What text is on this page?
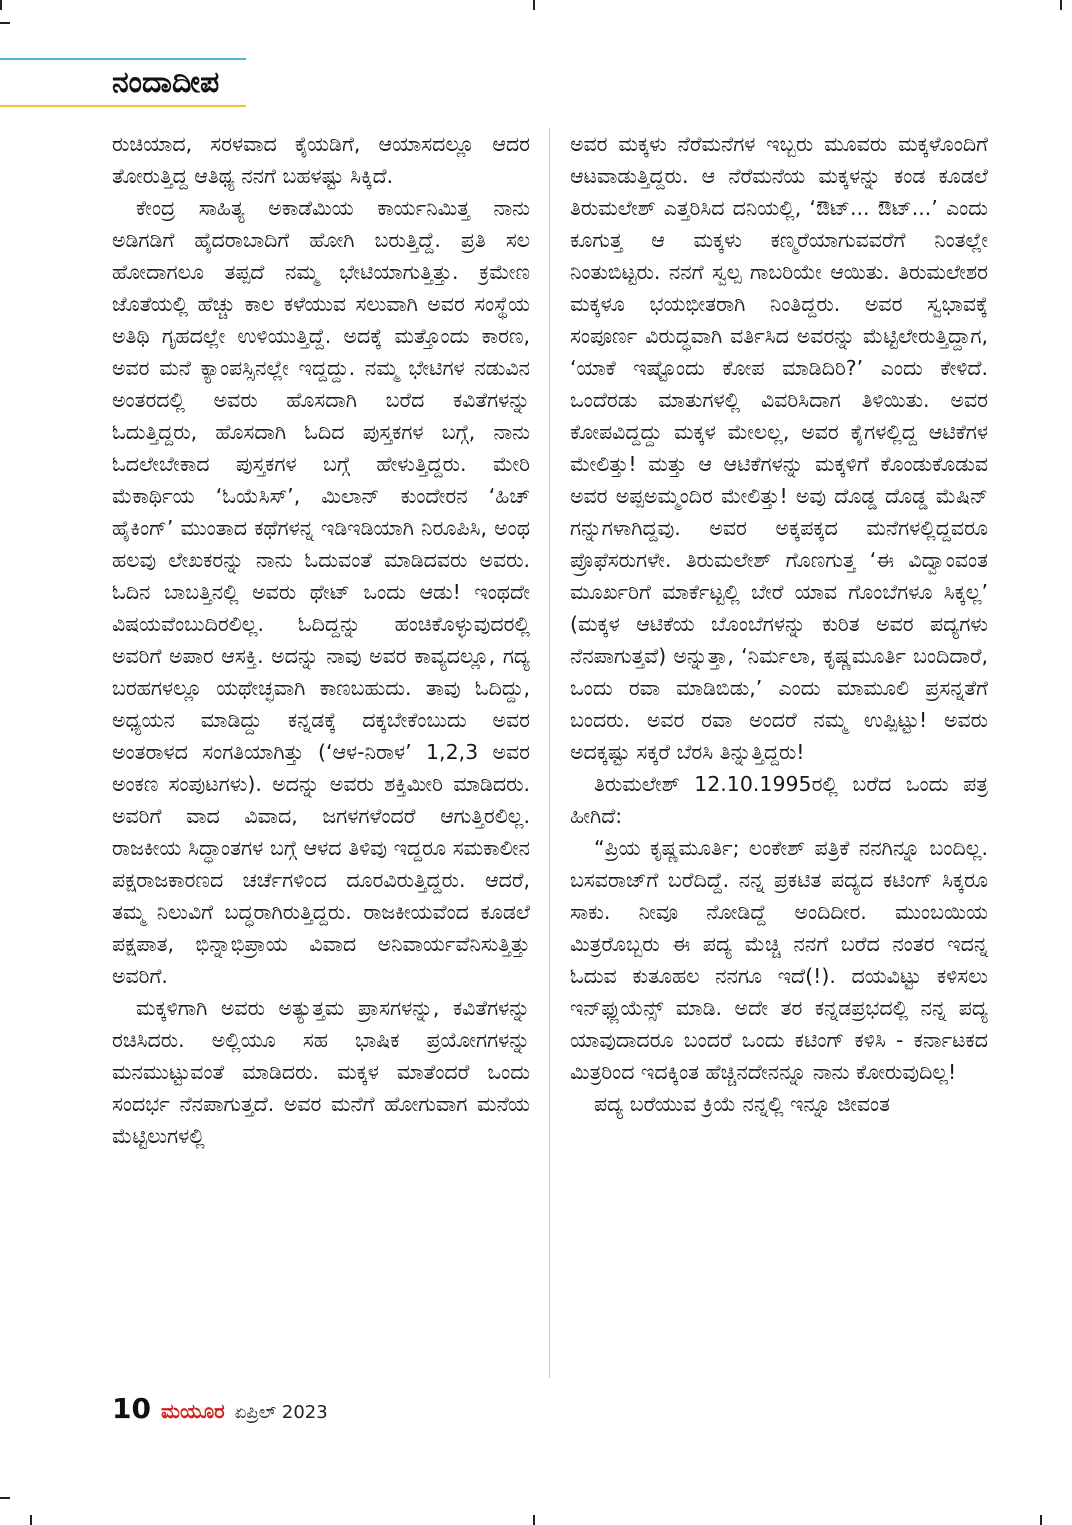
ನಂದಾದೀಪ

ರುಚಿಯಾದ, ಸರಳವಾದ ಕೈಯಡಿಗೆ, ಆಯಾಸದಲ್ಲೂ ಆದರ ತೋರುತ್ತಿದ್ದ ಆತಿಥ್ಯ ನನಗೆ ಬಹಳಷ್ಟು ಸಿಕ್ಕಿದೆ.

ಕೇಂದ್ರ ಸಾಹಿತ್ಯ ಅಕಾಡೆಮಿಯ ಕಾರ್ಯನಿಮಿತ್ತ ನಾನು ಅಡಿಗಡಿಗೆ ಹೈದರಾಬಾದಿಗೆ ಹೋಗಿ ಬರುತ್ತಿದ್ದೆ. ಪ್ರತಿ ಸಲ ಹೋದಾಗಲೂ ತಪ್ಪದೆ ನಮ್ಮ ಭೇಟಿಯಾಗುತ್ತಿತ್ತು. ಕ್ರಮೇಣ ಜೊತೆಯಲ್ಲಿ ಹೆಚ್ಚು ಕಾಲ ಕಳೆಯುವ ಸಲುವಾಗಿ ಅವರ ಸಂಸ್ಥೆಯ ಅತಿಥಿ ಗೃಹದಲ್ಲೇ ಉಳಿಯುತ್ತಿದ್ದೆ. ಅದಕ್ಕೆ ಮತ್ತೊಂದು ಕಾರಣ, ಅವರ ಮನೆ ಕ್ಯಾಂಪಸ್ಸಿನಲ್ಲೇ ಇದ್ದದ್ದು. ನಮ್ಮ ಭೇಟಿಗಳ ನಡುವಿನ ಅಂತರದಲ್ಲಿ ಅವರು ಹೊಸದಾಗಿ ಬರೆದ ಕವಿತೆಗಳನ್ನು ಓದುತ್ತಿದ್ದರು, ಹೊಸದಾಗಿ ಓದಿದ ಪುಸ್ತಕಗಳ ಬಗ್ಗೆ, ನಾನು ಓದಲೇಬೇಕಾದ ಪುಸ್ತಕಗಳ ಬಗ್ಗೆ ಹೇಳುತ್ತಿದ್ದರು. ಮೇರಿ ಮೆಕಾರ್ಥಿಯ ‘ಓಯೆಸಿಸ್’, ಮಿಲಾನ್ ಕುಂದೇರನ ‘ಹಿಚ್ ಹೈಕಿಂಗ್’ ಮುಂತಾದ ಕಥೆಗಳನ್ನ ಇಡಿಇಡಿಯಾಗಿ ನಿರೂಪಿಸಿ, ಅಂಥ ಹಲವು ಲೇಖಕರನ್ನು ನಾನು ಓದುವಂತೆ ಮಾಡಿದವರು ಅವರು. ಓದಿನ ಬಾಬತ್ತಿನಲ್ಲಿ ಅವರು ಥೇಟ್ ಒಂದು ಆಡು! ಇಂಥದೇ ವಿಷಯವೆಂಬುದಿರಲಿಲ್ಲ. ಓದಿದ್ದನ್ನು ಹಂಚಿಕೊಳ್ಳುವುದರಲ್ಲಿ ಅವರಿಗೆ ಅಪಾರ ಆಸಕ್ತಿ. ಅದನ್ನು ನಾವು ಅವರ ಕಾವ್ಯದಲ್ಲೂ, ಗದ್ಯ ಬರಹಗಳಲ್ಲೂ ಯಥೇಚ್ಛವಾಗಿ ಕಾಣಬಹುದು. ತಾವು ಓದಿದ್ದು, ಅಧ್ಯಯನ ಮಾಡಿದ್ದು ಕನ್ನಡಕ್ಕೆ ದಕ್ಕಬೇಕೆಂಬುದು ಅವರ ಅಂತರಾಳದ ಸಂಗತಿಯಾಗಿತ್ತು (‘ಆಳ-ನಿರಾಳ’ 1,2,3 ಅವರ ಅಂಕಣ ಸಂಪುಟಗಳು). ಅದನ್ನು ಅವರು ಶಕ್ತಿಮೀರಿ ಮಾಡಿದರು. ಅವರಿಗೆ ವಾದ ವಿವಾದ, ಜಗಳಗಳೆಂದರೆ ಆಗುತ್ತಿರಲಿಲ್ಲ. ರಾಜಕೀಯ ಸಿದ್ಧಾಂತಗಳ ಬಗ್ಗೆ ಆಳದ ತಿಳಿವು ಇದ್ದರೂ ಸಮಕಾಲೀನ ಪಕ್ಷರಾಜಕಾರಣದ ಚರ್ಚೆಗಳಿಂದ ದೂರವಿರುತ್ತಿದ್ದರು. ಆದರೆ, ತಮ್ಮ ನಿಲುವಿಗೆ ಬದ್ಧರಾಗಿರುತ್ತಿದ್ದರು. ರಾಜಕೀಯವೆಂದ ಕೂಡಲೆ ಪಕ್ಷಪಾತ, ಭಿನ್ನಾಭಿಪ್ರಾಯ ವಿವಾದ ಅನಿವಾರ್ಯವೆನಿಸುತ್ತಿತ್ತು ಅವರಿಗೆ.

ಮಕ್ಕಳಿಗಾಗಿ ಅವರು ಅತ್ಯುತ್ತಮ ಪ್ರಾಸಗಳನ್ನು, ಕವಿತೆಗಳನ್ನು ರಚಿಸಿದರು. ಅಲ್ಲಿಯೂ ಸಹ ಭಾಷಿಕ ಪ್ರಯೋಗಗಳನ್ನು ಮನಮುಟ್ಟುವಂತೆ ಮಾಡಿದರು. ಮಕ್ಕಳ ಮಾತೆಂದರೆ ಒಂದು ಸಂದರ್ಭ ನೆನಪಾಗುತ್ತದೆ. ಅವರ ಮನೆಗೆ ಹೋಗುವಾಗ ಮನೆಯ ಮೆಟ್ಟಿಲುಗಳಲ್ಲಿ

ಅವರ ಮಕ್ಕಳು ನೆರೆಮನೆಗಳ ಇಬ್ಬರು ಮೂವರು ಮಕ್ಕಳೊಂದಿಗೆ ಆಟವಾಡುತ್ತಿದ್ದರು. ಆ ನೆರೆಮನೆಯ ಮಕ್ಕಳನ್ನು ಕಂಡ ಕೂಡಲೆ ತಿರುಮಲೇಶ್ ಎತ್ತರಿಸಿದ ದನಿಯಲ್ಲಿ, ‘ಔಟ್... ಔಟ್...’ ಎಂದು ಕೂಗುತ್ತ ಆ ಮಕ್ಕಳು ಕಣ್ಮರೆಯಾಗುವವರೆಗೆ ನಿಂತಲ್ಲೇ ನಿಂತುಬಿಟ್ಟರು. ನನಗೆ ಸ್ವಲ್ಪ ಗಾಬರಿಯೇ ಆಯಿತು. ತಿರುಮಲೇಶರ ಮಕ್ಕಳೂ ಭಯಭೀತರಾಗಿ ನಿಂತಿದ್ದರು. ಅವರ ಸ್ವಭಾವಕ್ಕೆ ಸಂಪೂರ್ಣ ವಿರುದ್ಧವಾಗಿ ವರ್ತಿಸಿದ ಅವರನ್ನು ಮೆಟ್ಟಿಲೇರುತ್ತಿದ್ದಾಗ, ‘ಯಾಕೆ ಇಷ್ಟೊಂದು ಕೋಪ ಮಾಡಿದಿರಿ?’ ಎಂದು ಕೇಳಿದೆ. ಒಂದೆರಡು ಮಾತುಗಳಲ್ಲಿ ವಿವರಿಸಿದಾಗ ತಿಳಿಯಿತು. ಅವರ ಕೋಪವಿದ್ದದ್ದು ಮಕ್ಕಳ ಮೇಲಲ್ಲ, ಅವರ ಕೈಗಳಲ್ಲಿದ್ದ ಆಟಿಕೆಗಳ ಮೇಲಿತ್ತು! ಮತ್ತು ಆ ಆಟಿಕೆಗಳನ್ನು ಮಕ್ಕಳಿಗೆ ಕೊಂಡುಕೊಡುವ ಅವರ ಅಪ್ಪಅಮ್ಮಂದಿರ ಮೇಲಿತ್ತು! ಅವು ದೊಡ್ಡ ದೊಡ್ಡ ಮೆಷಿನ್ ಗನ್ನುಗಳಾಗಿದ್ದವು. ಅವರ ಅಕ್ಕಪಕ್ಕದ ಮನೆಗಳಲ್ಲಿದ್ದವರೂ ಪ್ರೊಫೆಸರುಗಳೇ. ತಿರುಮಲೇಶ್ ಗೊಣಗುತ್ತ ‘ಈ ವಿದ್ವಾಂವಂತ ಮೂರ್ಖರಿಗೆ ಮಾರ್ಕೆಟ್ಟಲ್ಲಿ ಬೇರೆ ಯಾವ ಗೊಂಬೆಗಳೂ ಸಿಕ್ಕಲ್ಲ’ (ಮಕ್ಕಳ ಆಟಿಕೆಯ ಬೊಂಬೆಗಳನ್ನು ಕುರಿತ ಅವರ ಪದ್ಯಗಳು ನೆನಪಾಗುತ್ತವೆ) ಅನ್ನುತ್ತಾ, ‘ನಿರ್ಮಲಾ, ಕೃಷ್ಣಮೂರ್ತಿ ಬಂದಿದಾರೆ, ಒಂದು ರವಾ ಮಾಡಿಬಿಡು,’ ಎಂದು ಮಾಮೂಲಿ ಪ್ರಸನ್ನತೆಗೆ ಬಂದರು. ಅವರ ರವಾ ಅಂದರೆ ನಮ್ಮ ಉಪ್ಪಿಟ್ಟು! ಅವರು ಅದಕ್ಕಷ್ಟು ಸಕ್ಕರೆ ಬೆರಸಿ ತಿನ್ನುತ್ತಿದ್ದರು!

ತಿರುಮಲೇಶ್ 12.10.1995ರಲ್ಲಿ ಬರೆದ ಒಂದು ಪತ್ರ ಹೀಗಿದೆ:

“ಪ್ರಿಯ ಕೃಷ್ಣಮೂರ್ತಿ; ಲಂಕೇಶ್ ಪತ್ರಿಕೆ ನನಗಿನ್ನೂ ಬಂದಿಲ್ಲ. ಬಸವರಾಜ್‌ಗೆ ಬರೆದಿದ್ದೆ. ನನ್ನ ಪ್ರಕಟಿತ ಪದ್ಯದ ಕಟಿಂಗ್ ಸಿಕ್ಕರೂ ಸಾಕು. ನೀವೂ ನೋಡಿದ್ದೆ ಅಂದಿದೀರ. ಮುಂಬಯಿಯ ಮಿತ್ರರೊಬ್ಬರು ಈ ಪದ್ಯ ಮೆಚ್ಚಿ ನನಗೆ ಬರೆದ ನಂತರ ಇದನ್ನ ಓದುವ ಕುತೂಹಲ ನನಗೂ ಇದೆ(!). ದಯವಿಟ್ಟು ಕಳಿಸಲು ಇನ್‌ಫ್ಲುಯೆನ್ಸ್ ಮಾಡಿ. ಅದೇ ತರ ಕನ್ನಡಪ್ರಭದಲ್ಲಿ ನನ್ನ ಪದ್ಯ ಯಾವುದಾದರೂ ಬಂದರೆ ಒಂದು ಕಟಿಂಗ್ ಕಳಿಸಿ - ಕರ್ನಾಟಕದ ಮಿತ್ರರಿಂದ ಇದಕ್ಕಿಂತ ಹೆಚ್ಚಿನದೇನನ್ನೂ ನಾನು ಕೋರುವುದಿಲ್ಲ!

ಪದ್ಯ ಬರೆಯುವ ಕ್ರಿಯೆ ನನ್ನಲ್ಲಿ ಇನ್ನೂ ಜೀವಂತ

10 ಮಯೂರ ಏಪ್ರಿಲ್ 2023
